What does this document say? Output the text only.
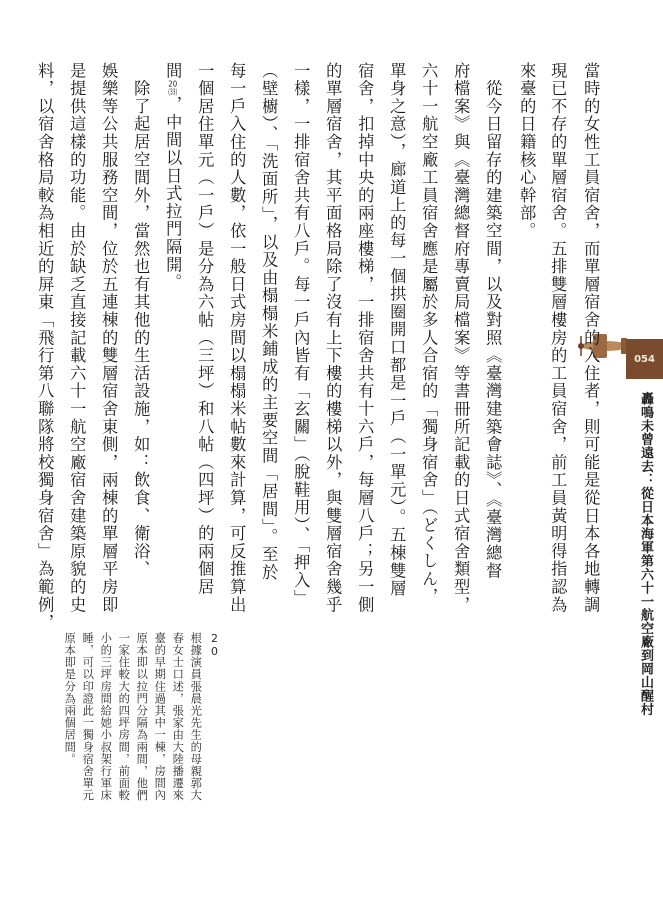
054
轟鳴未曾遠去：從日本海軍第六十一航空廠到岡山醒村

當時的女性工員宿舍，而單層宿舍的入住者，則可能是從日本各地轉調

現已不存的單層宿舍。五排雙層樓房的工員宿舍，前工員黃明得指認為

來臺的日籍核心幹部。

　從今日留存的建築空間，以及對照《臺灣建築會誌》、《臺灣總督

府檔案》與《臺灣總督府專賣局檔案》等書冊所記載的日式宿舍類型，

六十一航空廠工員宿舍應是屬於多人合宿的「獨身宿舍」（どくしん，

單身之意），廊道上的每一個拱圈開口都是一戶（一單元）。五棟雙層

宿舍，扣掉中央的兩座樓梯，一排宿舍共有十六戶，每層八戶；另一側

的單層宿舍，其平面格局除了沒有上下樓的樓梯以外，與雙層宿舍幾乎

一樣，一排宿舍共有八戶。每一戶內皆有「玄關」（脫鞋用）、「押入」

（壁櫥）、「洗面所」，以及由榻榻米鋪成的主要空間「居間」。至於

每一戶入住的人數，依一般日式房間以榻榻米帖數來計算，可反推算出

一個居住單元（一戶）是分為六帖（三坪）和八帖（四坪）的兩個居

間20(33)，中間以日式拉門隔開。

　除了起居空間外，當然也有其他的生活設施，如：飲食、衛浴、

娛樂等公共服務空間，位於五連棟的雙層宿舍東側，兩棟的單層平房即

是提供這樣的功能。由於缺乏直接記載六十一航空廠宿舍建築原貌的史

料，以宿舍格局較為相近的屏東「飛行第八聯隊將校獨身宿舍」為範例，

20

根據演員張晨光先生的母親郭大

春女士口述，張家由大陸播遷來

臺的早期住過其中一棟，房間內

原本即以拉門分隔為兩間，他們

一家住較大的四坪房間，前面較

小的三坪房間給她小叔架行軍床

睡，可以印證此一獨身宿舍單元

原本即是分為兩個居間。
